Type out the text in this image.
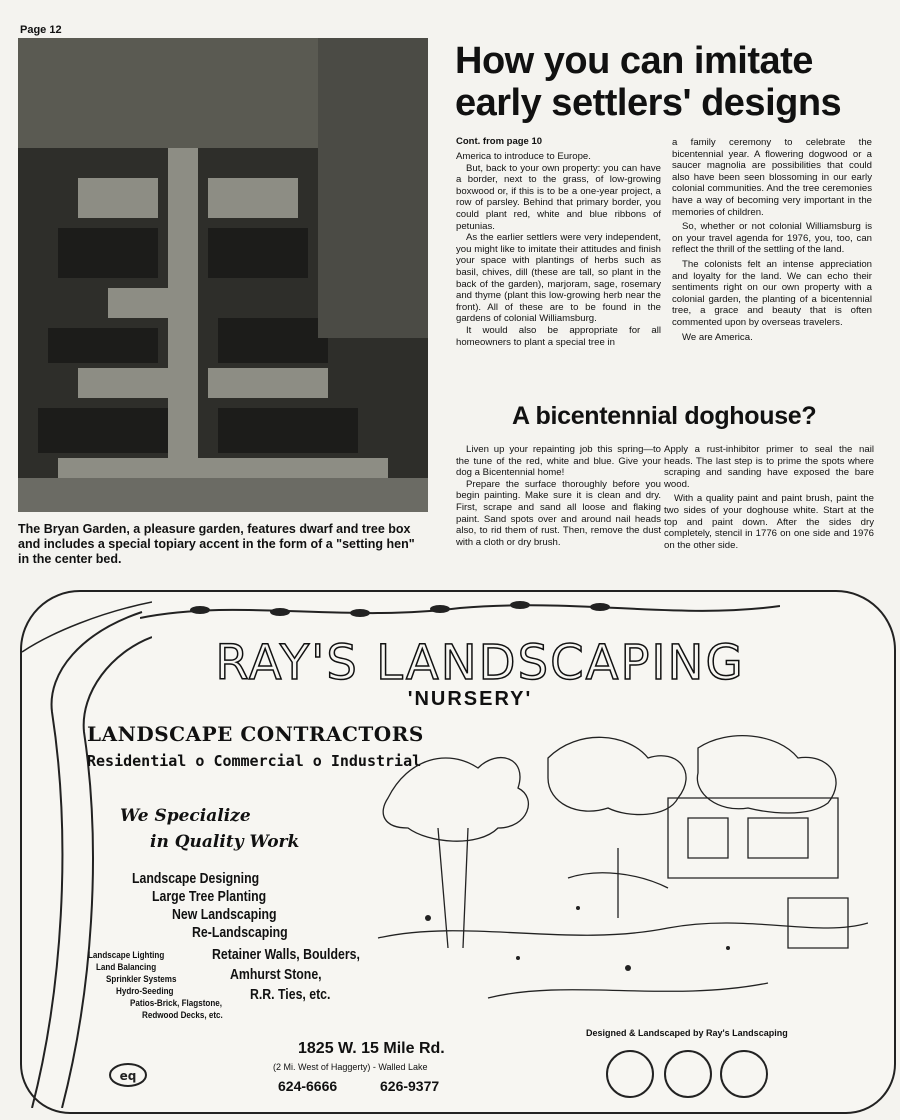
Page 12
The Bryan Garden, a pleasure garden, features dwarf and tree box and includes a special topiary accent in the form of a "setting hen" in the center bed.
How you can imitate
early settlers' designs
Cont. from page 10

America to introduce to Europe.

But, back to your own property: you can have a border, next to the grass, of low-growing boxwood or, if this is to be a one-year project, a row of parsley. Behind that primary border, you could plant red, white and blue ribbons of petunias.

As the earlier settlers were very independent, you might like to imitate their attitudes and finish your space with plantings of herbs such as basil, chives, dill (these are tall, so plant in the back of the garden), marjoram, sage, rosemary and thyme (plant this low-growing herb near the front). All of these are to be found in the gardens of colonial Williamsburg.

It would also be appropriate for all homeowners to plant a special tree in

a family ceremony to celebrate the bicentennial year. A flowering dogwood or a saucer magnolia are possibilities that could also have been seen blossoming in our early colonial communities. And the tree ceremonies have a way of becoming very important in the memories of children.

So, whether or not colonial Williamsburg is on your travel agenda for 1976, you, too, can reflect the thrill of the settling of the land.

The colonists felt an intense appreciation and loyalty for the land. We can echo their sentiments right on our own property with a colonial garden, the planting of a bicentennial tree, a grace and beauty that is often commented upon by overseas travelers.

We are America.

A bicentennial doghouse?

Liven up your repainting job this spring—to the tune of the red, white and blue. Give your dog a Bicentennial home!

Prepare the surface thoroughly before you begin painting. Make sure it is clean and dry. First, scrape and sand all loose and flaking paint. Sand spots over and around nail heads also, to rid them of rust. Then, remove the dust with a cloth or dry brush.

Apply a rust-inhibitor primer to seal the nail heads. The last step is to prime the spots where scraping and sanding have exposed the bare wood.

With a quality paint and paint brush, paint the two sides of your doghouse white. Start at the top and paint down. After the sides dry completely, stencil in 1776 on one side and 1976 on the other side.

RAY'S LANDSCAPING
'NURSERY'
LANDSCAPE CONTRACTORS
Residential o Commercial o Industrial
We Specialize
in Quality Work
Landscape Designing
Large Tree Planting
New Landscaping
Re-Landscaping
Landscape Lighting
Land Balancing
Sprinkler Systems
Hydro-Seeding
Patios-Brick, Flagstone,
Redwood Decks, etc.
Retainer Walls, Boulders,
Amhurst Stone,
R.R. Ties, etc.
Designed & Landscaped by Ray's Landscaping
eq
1825 W. 15 Mile Rd.
(2 Mi. West of Haggerty) - Walled Lake
624-6666	626-9377
